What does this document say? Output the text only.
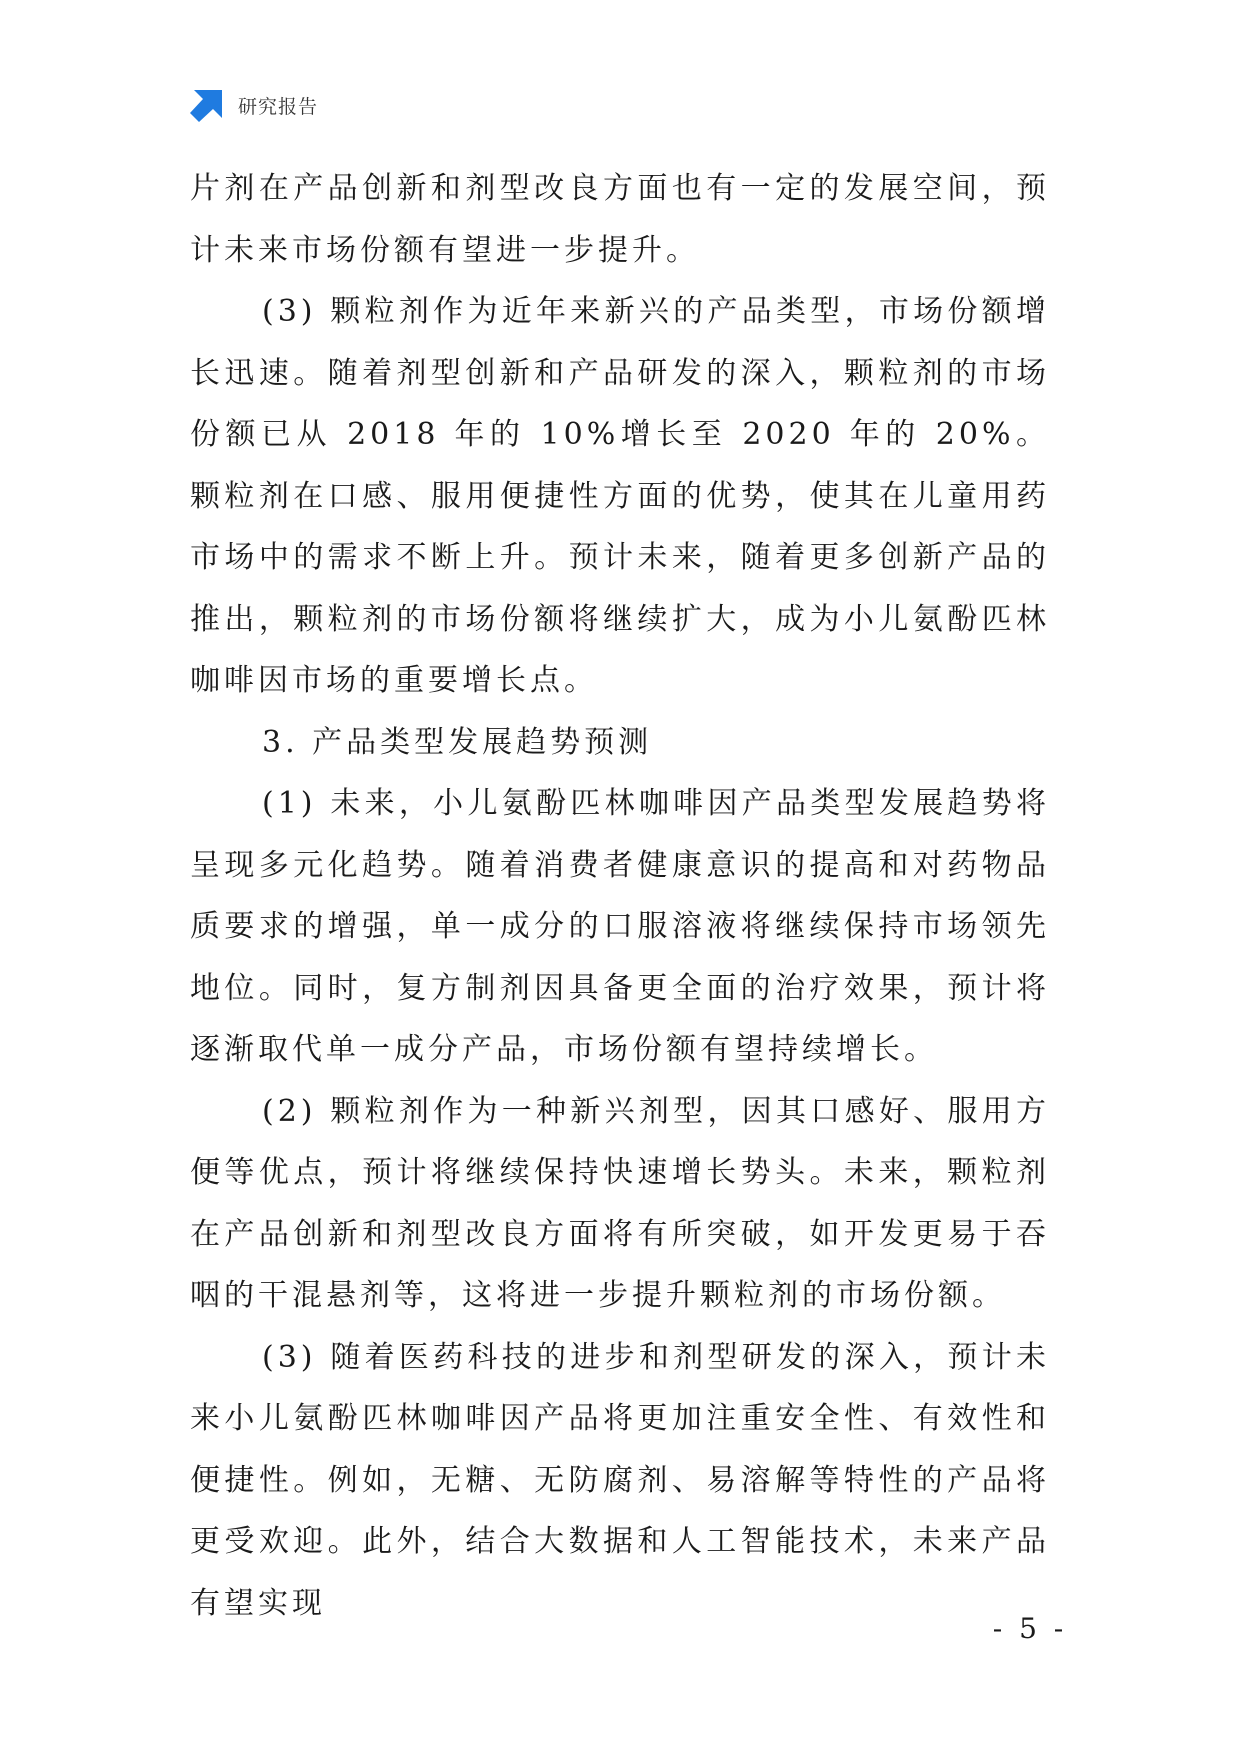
研究报告

片剂在产品创新和剂型改良方面也有一定的发展空间，预计未来市场份额有望进一步提升。

(3) 颗粒剂作为近年来新兴的产品类型，市场份额增长迅速。随着剂型创新和产品研发的深入，颗粒剂的市场份额已从 2018 年的 10%增长至 2020 年的 20%。颗粒剂在口感、服用便捷性方面的优势，使其在儿童用药市场中的需求不断上升。预计未来，随着更多创新产品的推出，颗粒剂的市场份额将继续扩大，成为小儿氨酚匹林咖啡因市场的重要增长点。

3. 产品类型发展趋势预测

(1) 未来，小儿氨酚匹林咖啡因产品类型发展趋势将呈现多元化趋势。随着消费者健康意识的提高和对药物品质要求的增强，单一成分的口服溶液将继续保持市场领先地位。同时，复方制剂因具备更全面的治疗效果，预计将逐渐取代单一成分产品，市场份额有望持续增长。

(2) 颗粒剂作为一种新兴剂型，因其口感好、服用方便等优点，预计将继续保持快速增长势头。未来，颗粒剂在产品创新和剂型改良方面将有所突破，如开发更易于吞咽的干混悬剂等，这将进一步提升颗粒剂的市场份额。

(3) 随着医药科技的进步和剂型研发的深入，预计未来小儿氨酚匹林咖啡因产品将更加注重安全性、有效性和便捷性。例如，无糖、无防腐剂、易溶解等特性的产品将更受欢迎。此外，结合大数据和人工智能技术，未来产品有望实现

- 5 -
